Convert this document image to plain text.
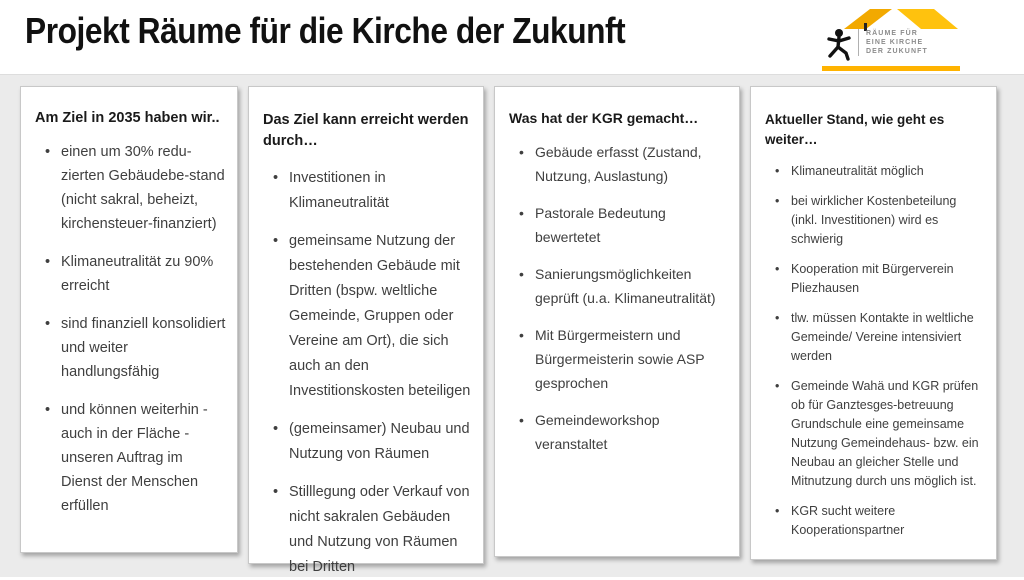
Projekt Räume für die Kirche der Zukunft	RÄUME FÜR
EINE KIRCHE
DER ZUKUNFT
Am Ziel in 2035 haben wir..
• einen um 30% redu-zierten Gebäudebe-stand (nicht sakral, beheizt, kirchensteuer-finanziert)
• Klimaneutralität zu 90% erreicht
• sind finanziell konsolidiert und weiter handlungsfähig
• und können weiterhin - auch in der Fläche - unseren Auftrag im Dienst der Menschen erfüllen
Das Ziel kann erreicht werden durch…
• Investitionen in Klimaneutralität
• gemeinsame Nutzung der bestehenden Gebäude mit Dritten (bspw. weltliche Gemeinde, Gruppen oder Vereine am Ort), die sich auch an den Investitionskosten beteiligen
• (gemeinsamer) Neubau und Nutzung von Räumen
• Stilllegung oder Verkauf von nicht sakralen Gebäuden und Nutzung von Räumen bei Dritten
Was hat der KGR gemacht…
• Gebäude erfasst (Zustand, Nutzung, Auslastung)
• Pastorale Bedeutung bewertetet
• Sanierungsmöglichkeiten geprüft (u.a. Klimaneutralität)
• Mit Bürgermeistern und Bürgermeisterin sowie ASP gesprochen
• Gemeindeworkshop veranstaltet
Aktueller Stand, wie geht es weiter…
• Klimaneutralität möglich
• bei wirklicher Kostenbeteilung (inkl. Investitionen) wird es schwierig
• Kooperation mit Bürgerverein Pliezhausen
• tlw. müssen Kontakte in weltliche Gemeinde/ Vereine intensiviert werden
• Gemeinde Wahä und KGR prüfen ob für Ganztesges-betreuung Grundschule eine gemeinsame Nutzung Gemeindehaus- bzw. ein Neubau an gleicher Stelle und Mitnutzung durch uns möglich ist.
• KGR sucht weitere Kooperationspartner
